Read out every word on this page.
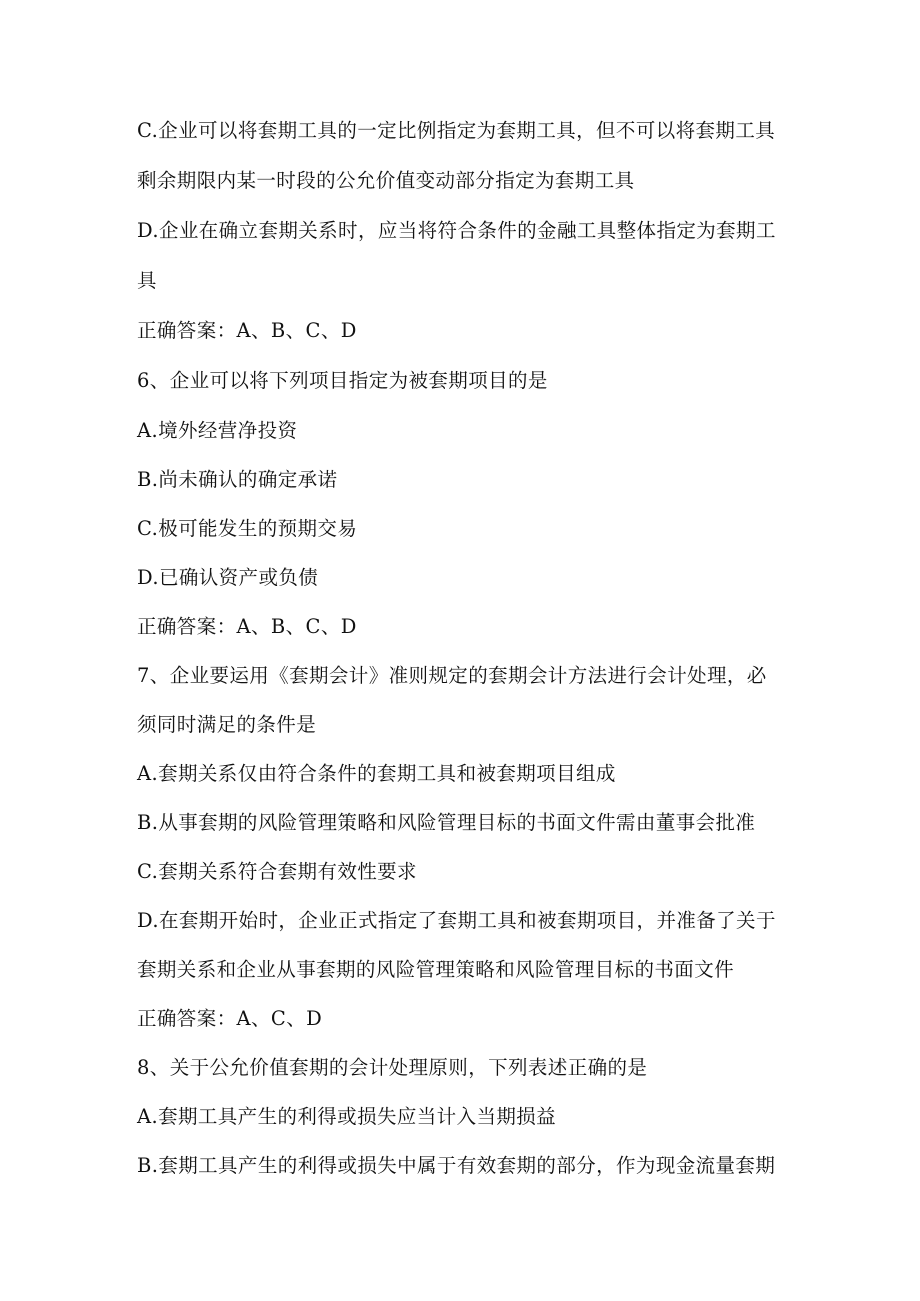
C.企业可以将套期工具的一定比例指定为套期工具，但不可以将套期工具
剩余期限内某一时段的公允价值变动部分指定为套期工具
D.企业在确立套期关系时，应当将符合条件的金融工具整体指定为套期工
具
正确答案：A、B、C、D
6、企业可以将下列项目指定为被套期项目的是
A.境外经营净投资
B.尚未确认的确定承诺
C.极可能发生的预期交易
D.已确认资产或负债
正确答案：A、B、C、D
7、企业要运用《套期会计》准则规定的套期会计方法进行会计处理，必
须同时满足的条件是
A.套期关系仅由符合条件的套期工具和被套期项目组成
B.从事套期的风险管理策略和风险管理目标的书面文件需由董事会批准
C.套期关系符合套期有效性要求
D.在套期开始时，企业正式指定了套期工具和被套期项目，并准备了关于
套期关系和企业从事套期的风险管理策略和风险管理目标的书面文件
正确答案：A、C、D
8、关于公允价值套期的会计处理原则，下列表述正确的是
A.套期工具产生的利得或损失应当计入当期损益
B.套期工具产生的利得或损失中属于有效套期的部分，作为现金流量套期
